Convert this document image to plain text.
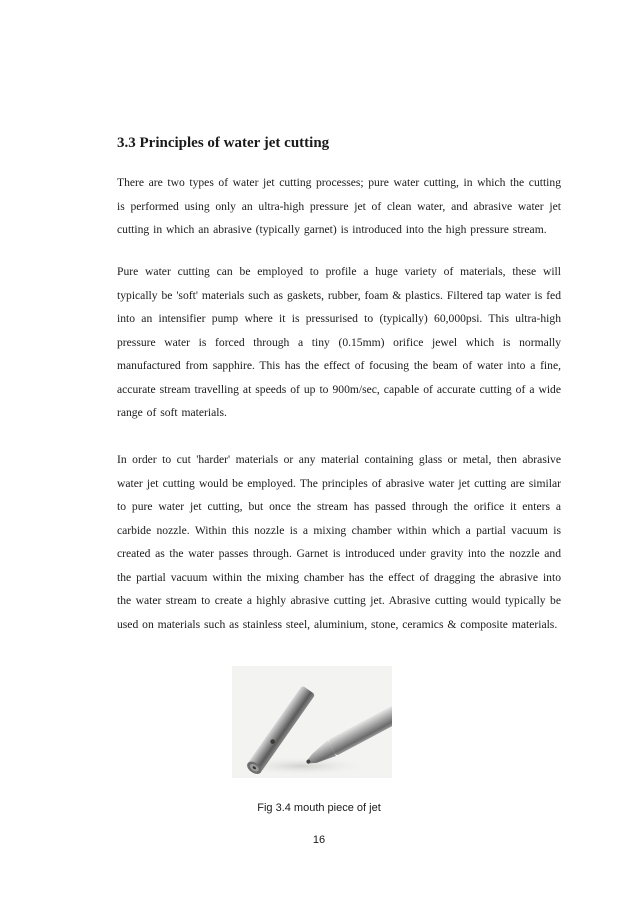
3.3 Principles of water jet cutting

There are two types of water jet cutting processes; pure water cutting, in which the cutting is performed using only an ultra-high pressure jet of clean water, and abrasive water jet cutting in which an abrasive (typically garnet) is introduced into the high pressure stream.

Pure water cutting can be employed to profile a huge variety of materials, these will typically be 'soft' materials such as gaskets, rubber, foam & plastics. Filtered tap water is fed into an intensifier pump where it is pressurised to (typically) 60,000psi. This ultra-high pressure water is forced through a tiny (0.15mm) orifice jewel which is normally manufactured from sapphire. This has the effect of focusing the beam of water into a fine, accurate stream travelling at speeds of up to 900m/sec, capable of accurate cutting of a wide range of soft materials.

In order to cut 'harder' materials or any material containing glass or metal, then abrasive water jet cutting would be employed. The principles of abrasive water jet cutting are similar to pure water jet cutting, but once the stream has passed through the orifice it enters a carbide nozzle. Within this nozzle is a mixing chamber within which a partial vacuum is created as the water passes through. Garnet is introduced under gravity into the nozzle and the partial vacuum within the mixing chamber has the effect of dragging the abrasive into the water stream to create a highly abrasive cutting jet. Abrasive cutting would typically be used on materials such as stainless steel, aluminium, stone, ceramics & composite materials.

Fig 3.4 mouth piece of jet
16
